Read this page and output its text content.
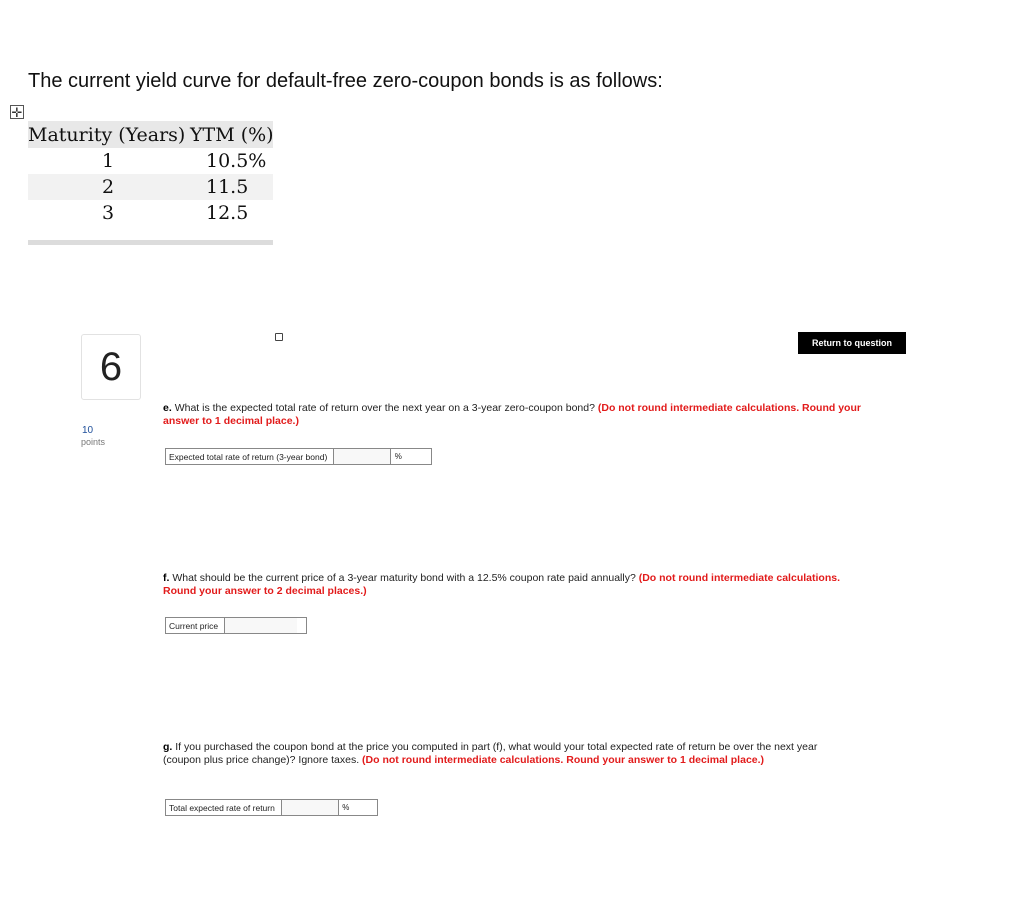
The current yield curve for default-free zero-coupon bonds is as follows:
✛
Maturity (Years) YTM (%)
1	10.5%
2	11.5
3	12.5
6
10
points
Return to question
e. What is the expected total rate of return over the next year on a 3-year zero-coupon bond? (Do not round intermediate calculations. Round your answer to 1 decimal place.)
Expected total rate of return (3-year bond)	%
f. What should be the current price of a 3-year maturity bond with a 12.5% coupon rate paid annually? (Do not round intermediate calculations. Round your answer to 2 decimal places.)
Current price
g. If you purchased the coupon bond at the price you computed in part (f), what would your total expected rate of return be over the next year (coupon plus price change)? Ignore taxes. (Do not round intermediate calculations. Round your answer to 1 decimal place.)
Total expected rate of return	%
